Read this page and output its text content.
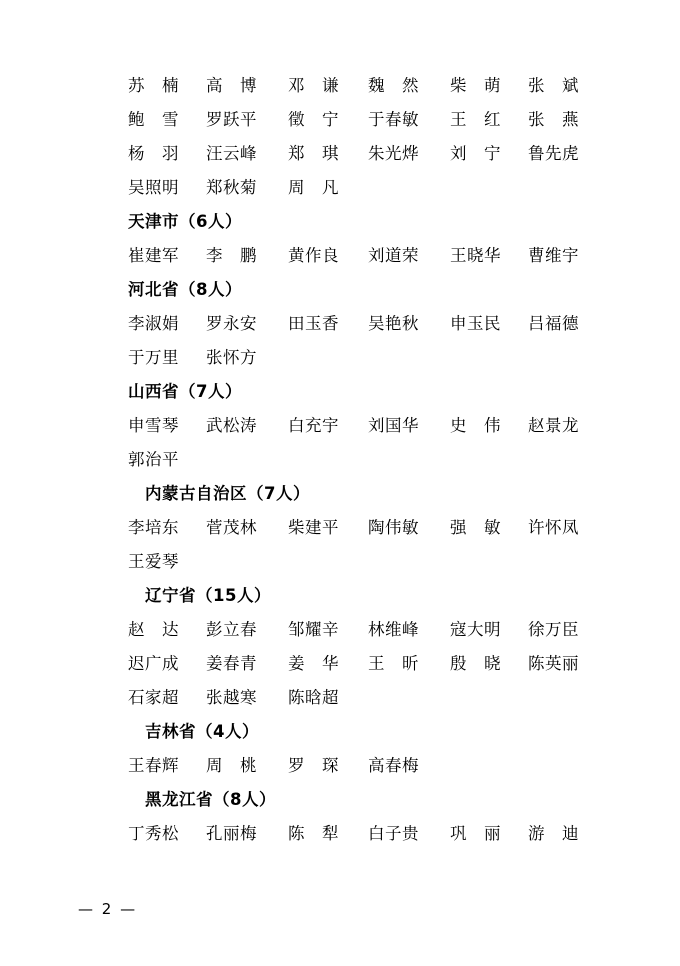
苏　楠	高　博	邓　谦	魏　然	柴　萌	张　斌
鲍　雪	罗跃平	徵　宁	于春敏	王　红	张　燕
杨　羽	汪云峰	郑　琪	朱光烨	刘　宁	鲁先虎
吴照明	郑秋菊	周　凡
天津市（6人）
崔建军	李　鹏	黄作良	刘道荣	王晓华	曹维宇
河北省（8人）
李淑娟	罗永安	田玉香	吴艳秋	申玉民	吕福德
于万里	张怀方
山西省（7人）
申雪琴	武松涛	白充宇	刘国华	史　伟	赵景龙
郭治平
内蒙古自治区（7人）
李培东	菅茂林	柴建平	陶伟敏	强　敏	许怀凤
王爱琴
辽宁省（15人）
赵　达	彭立春	邹耀辛	林维峰	寇大明	徐万臣
迟广成	姜春青	姜　华	王　昕	殷　晓	陈英丽
石家超	张越寒	陈晗超
吉林省（4人）
王春辉	周　桃	罗　琛	高春梅
黑龙江省（8人）
丁秀松	孔丽梅	陈　犁	白子贵	巩　丽	游　迪
— 2 —
